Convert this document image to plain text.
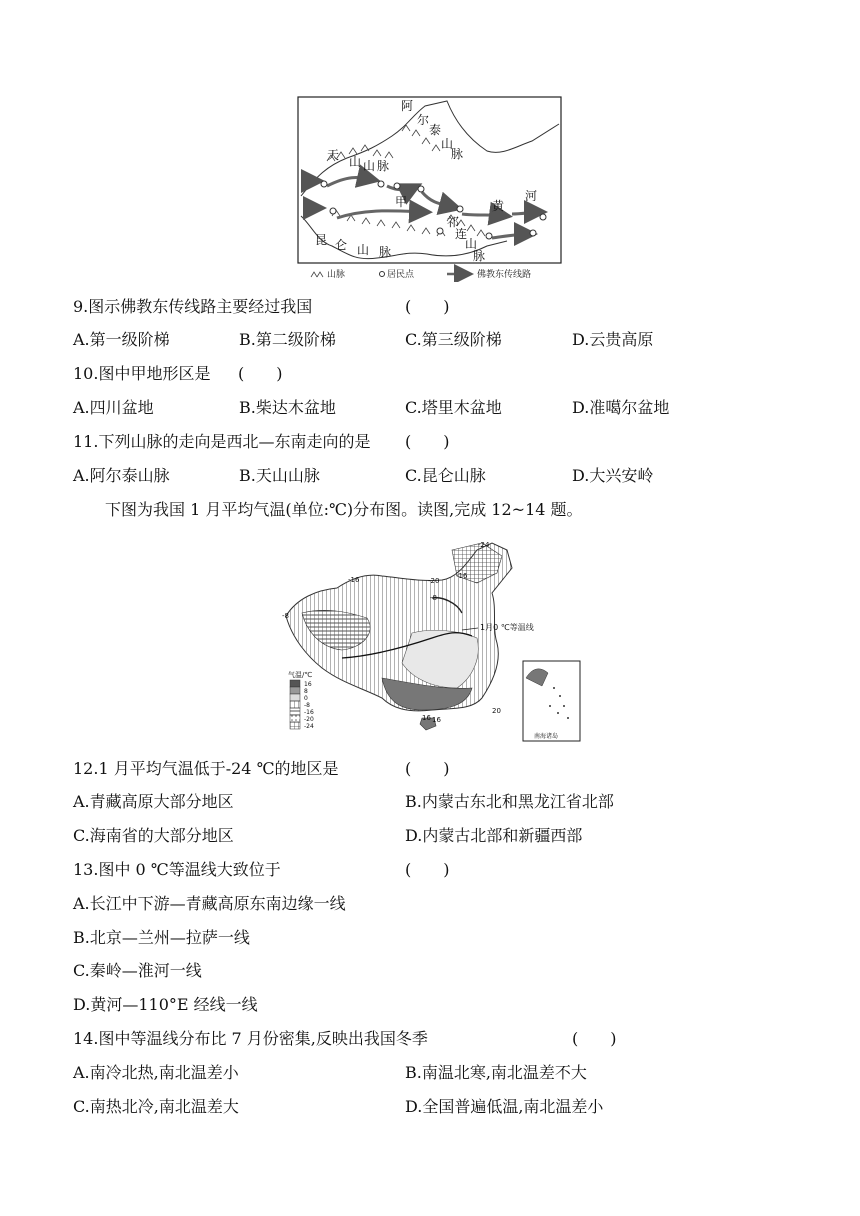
阿
尔
泰
山
脉
天 山 山 脉
甲
昆 仑 山 脉
祁
连
山
脉
黄
河
山脉	居民点	佛教东传线路
9.图示佛教东传线路主要经过我国	(　　)
A.第一级阶梯	B.第二级阶梯	C.第三级阶梯	D.云贵高原
10.图中甲地形区是 (　　)
A.四川盆地	B.柴达木盆地	C.塔里木盆地	D.准噶尔盆地
11.下列山脉的走向是西北—东南走向的是 (　　)
A.阿尔泰山脉	B.天山山脉	C.昆仑山脉	D.大兴安岭
下图为我国 1 月平均气温(单位:℃)分布图。读图,完成 12~14 题。
-24
-16
-8
-8
-20
-16
16 16
20
1月0 ℃等温线
气温/℃
16
8
0
-8
-16
-20
-24
南海诸岛
12.1 月平均气温低于-24 ℃的地区是	(　　)
A.青藏高原大部分地区	B.内蒙古东北和黑龙江省北部
C.海南省的大部分地区	D.内蒙古北部和新疆西部
13.图中 0 ℃等温线大致位于	(　　)
A.长江中下游—青藏高原东南边缘一线
B.北京—兰州—拉萨一线
C.秦岭—淮河一线
D.黄河—110°E 经线一线
14.图中等温线分布比 7 月份密集,反映出我国冬季	(　　)
A.南冷北热,南北温差小	B.南温北寒,南北温差不大
C.南热北冷,南北温差大	D.全国普遍低温,南北温差小
